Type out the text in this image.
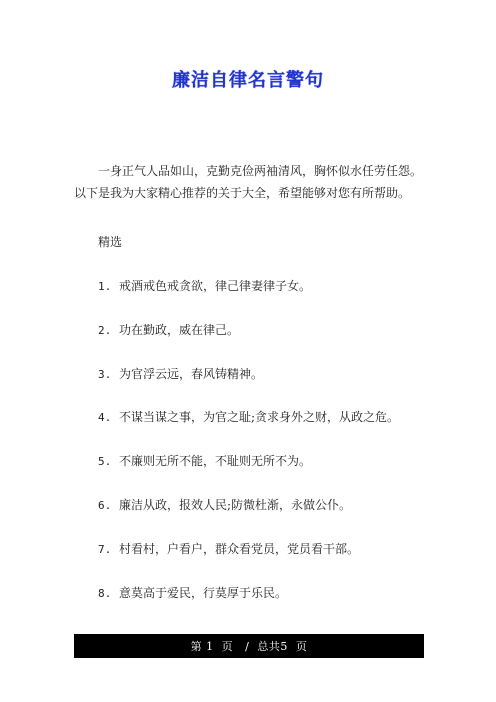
廉洁自律名言警句

一身正气人品如山，克勤克俭两袖清风，胸怀似水任劳任怨。以下是我为大家精心推荐的关于大全，希望能够对您有所帮助。

精选

1. 戒酒戒色戒贪欲，律己律妻律子女。
2. 功在勤政，威在律己。
3. 为官浮云远，春风铸精神。
4. 不谋当谋之事，为官之耻;贪求身外之财，从政之危。
5. 不廉则无所不能，不耻则无所不为。
6. 廉洁从政，报效人民;防微杜渐，永做公仆。
7. 村看村，户看户，群众看党员，党员看干部。
8. 意莫高于爱民，行莫厚于乐民。
第 1  页   /  总共5  页
